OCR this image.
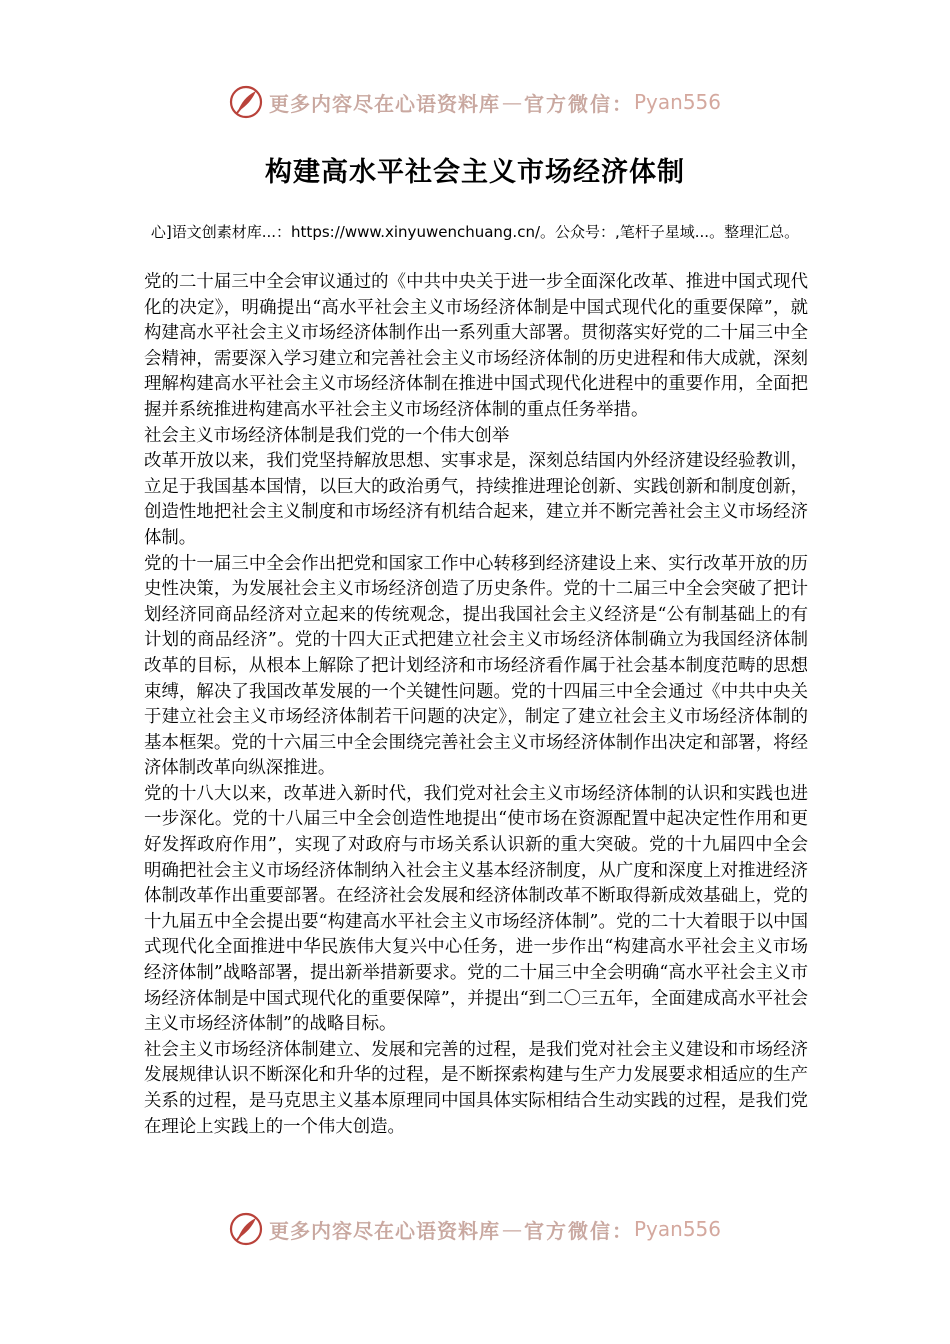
更多内容尽在心语资料库 — 官方微信： Pyan556
构建高水平社会主义市场经济体制
心]语文创素材库...：https://www.xinyuwenchuang.cn/。公众号：,笔杆子星域...。整理汇总。

党的二十届三中全会审议通过的《中共中央关于进一步全面深化改革、推进中国式现代化的决定》，明确提出“高水平社会主义市场经济体制是中国式现代化的重要保障”，就构建高水平社会主义市场经济体制作出一系列重大部署。贯彻落实好党的二十届三中全会精神，需要深入学习建立和完善社会主义市场经济体制的历史进程和伟大成就，深刻理解构建高水平社会主义市场经济体制在推进中国式现代化进程中的重要作用，全面把握并系统推进构建高水平社会主义市场经济体制的重点任务举措。

社会主义市场经济体制是我们党的一个伟大创举

改革开放以来，我们党坚持解放思想、实事求是，深刻总结国内外经济建设经验教训，立足于我国基本国情，以巨大的政治勇气，持续推进理论创新、实践创新和制度创新，创造性地把社会主义制度和市场经济有机结合起来，建立并不断完善社会主义市场经济体制。

党的十一届三中全会作出把党和国家工作中心转移到经济建设上来、实行改革开放的历史性决策，为发展社会主义市场经济创造了历史条件。党的十二届三中全会突破了把计划经济同商品经济对立起来的传统观念，提出我国社会主义经济是“公有制基础上的有计划的商品经济”。党的十四大正式把建立社会主义市场经济体制确立为我国经济体制改革的目标，从根本上解除了把计划经济和市场经济看作属于社会基本制度范畴的思想束缚，解决了我国改革发展的一个关键性问题。党的十四届三中全会通过《中共中央关于建立社会主义市场经济体制若干问题的决定》，制定了建立社会主义市场经济体制的基本框架。党的十六届三中全会围绕完善社会主义市场经济体制作出决定和部署，将经济体制改革向纵深推进。

党的十八大以来，改革进入新时代，我们党对社会主义市场经济体制的认识和实践也进一步深化。党的十八届三中全会创造性地提出“使市场在资源配置中起决定性作用和更好发挥政府作用”，实现了对政府与市场关系认识新的重大突破。党的十九届四中全会明确把社会主义市场经济体制纳入社会主义基本经济制度，从广度和深度上对推进经济体制改革作出重要部署。在经济社会发展和经济体制改革不断取得新成效基础上，党的十九届五中全会提出要“构建高水平社会主义市场经济体制”。党的二十大着眼于以中国式现代化全面推进中华民族伟大复兴中心任务，进一步作出“构建高水平社会主义市场经济体制”战略部署，提出新举措新要求。党的二十届三中全会明确“高水平社会主义市场经济体制是中国式现代化的重要保障”，并提出“到二〇三五年，全面建成高水平社会主义市场经济体制”的战略目标。

社会主义市场经济体制建立、发展和完善的过程，是我们党对社会主义建设和市场经济发展规律认识不断深化和升华的过程，是不断探索构建与生产力发展要求相适应的生产关系的过程，是马克思主义基本原理同中国具体实际相结合生动实践的过程，是我们党在理论上实践上的一个伟大创造。

更多内容尽在心语资料库 — 官方微信： Pyan556
